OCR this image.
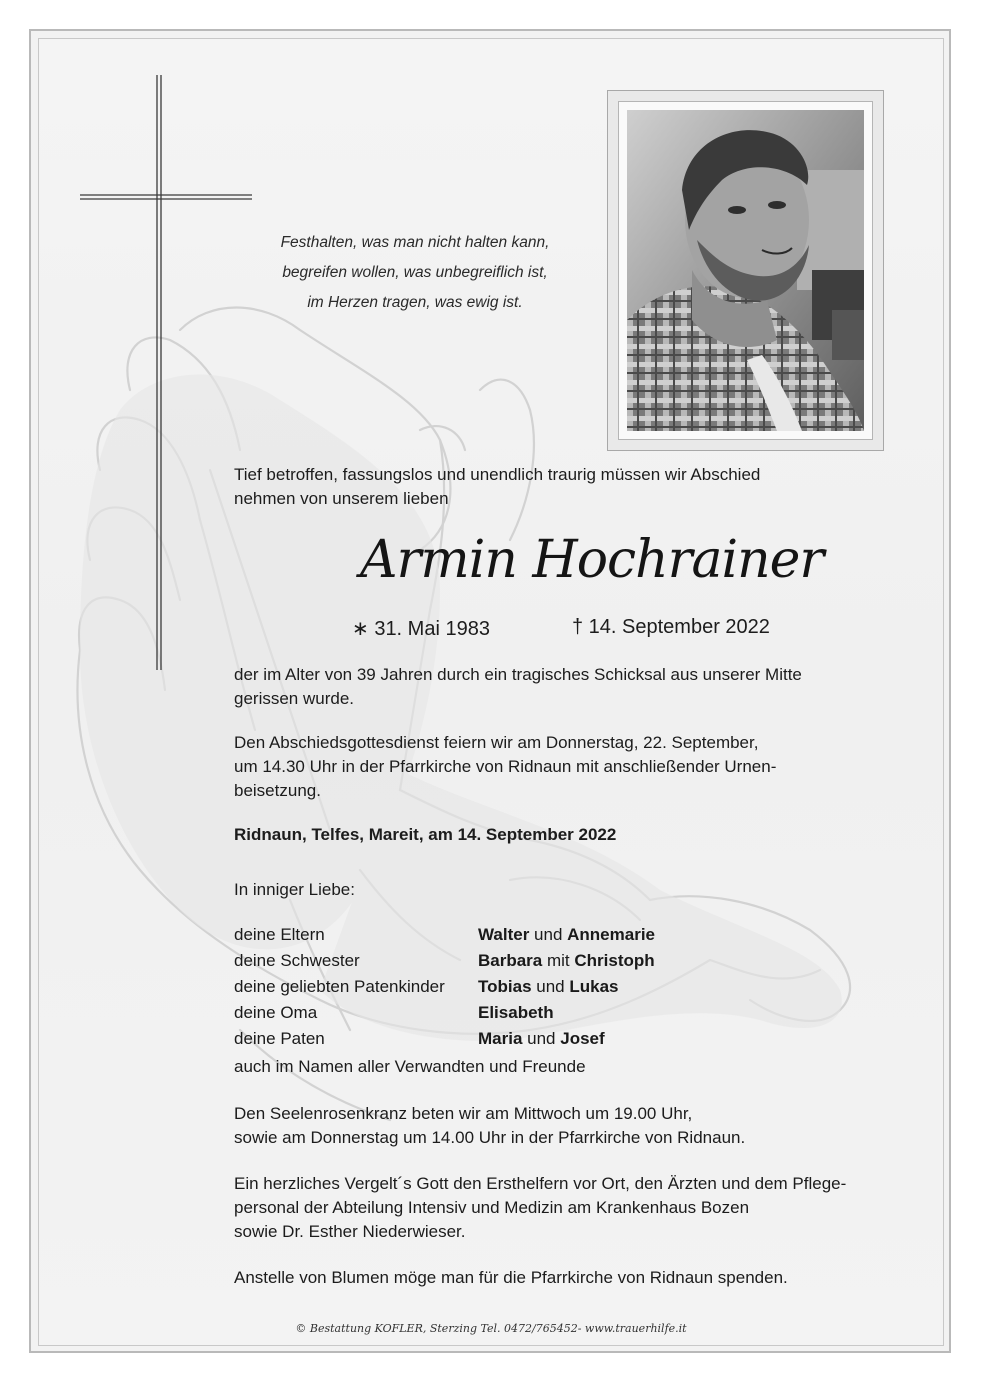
Festhalten, was man nicht halten kann,
begreifen wollen, was unbegreiflich ist,
im Herzen tragen, was ewig ist.
Tief betroffen, fassungslos und unendlich traurig müssen wir Abschied
nehmen von unserem lieben
Armin Hochrainer
∗ 31. Mai 1983	† 14. September 2022
der im Alter von 39 Jahren durch ein tragisches Schicksal aus unserer Mitte
gerissen wurde.
Den Abschiedsgottesdienst feiern wir am Donnerstag, 22. September,
um 14.30 Uhr in der Pfarrkirche von Ridnaun mit anschließender Urnen-
beisetzung.
Ridnaun, Telfes, Mareit, am 14. September 2022
In inniger Liebe:
deine Eltern	Walter und Annemarie
deine Schwester	Barbara mit Christoph
deine geliebten Patenkinder Tobias und Lukas
deine Oma	Elisabeth
deine Paten	Maria und Josef
auch im Namen aller Verwandten und Freunde
Den Seelenrosenkranz beten wir am Mittwoch um 19.00 Uhr,
sowie am Donnerstag um 14.00 Uhr in der Pfarrkirche von Ridnaun.
Ein herzliches Vergelt´s Gott den Ersthelfern vor Ort, den Ärzten und dem Pflege-
personal der Abteilung Intensiv und Medizin am Krankenhaus Bozen
sowie Dr. Esther Niederwieser.
Anstelle von Blumen möge man für die Pfarrkirche von Ridnaun spenden.
© Bestattung KOFLER, Sterzing Tel. 0472/765452- www.trauerhilfe.it
